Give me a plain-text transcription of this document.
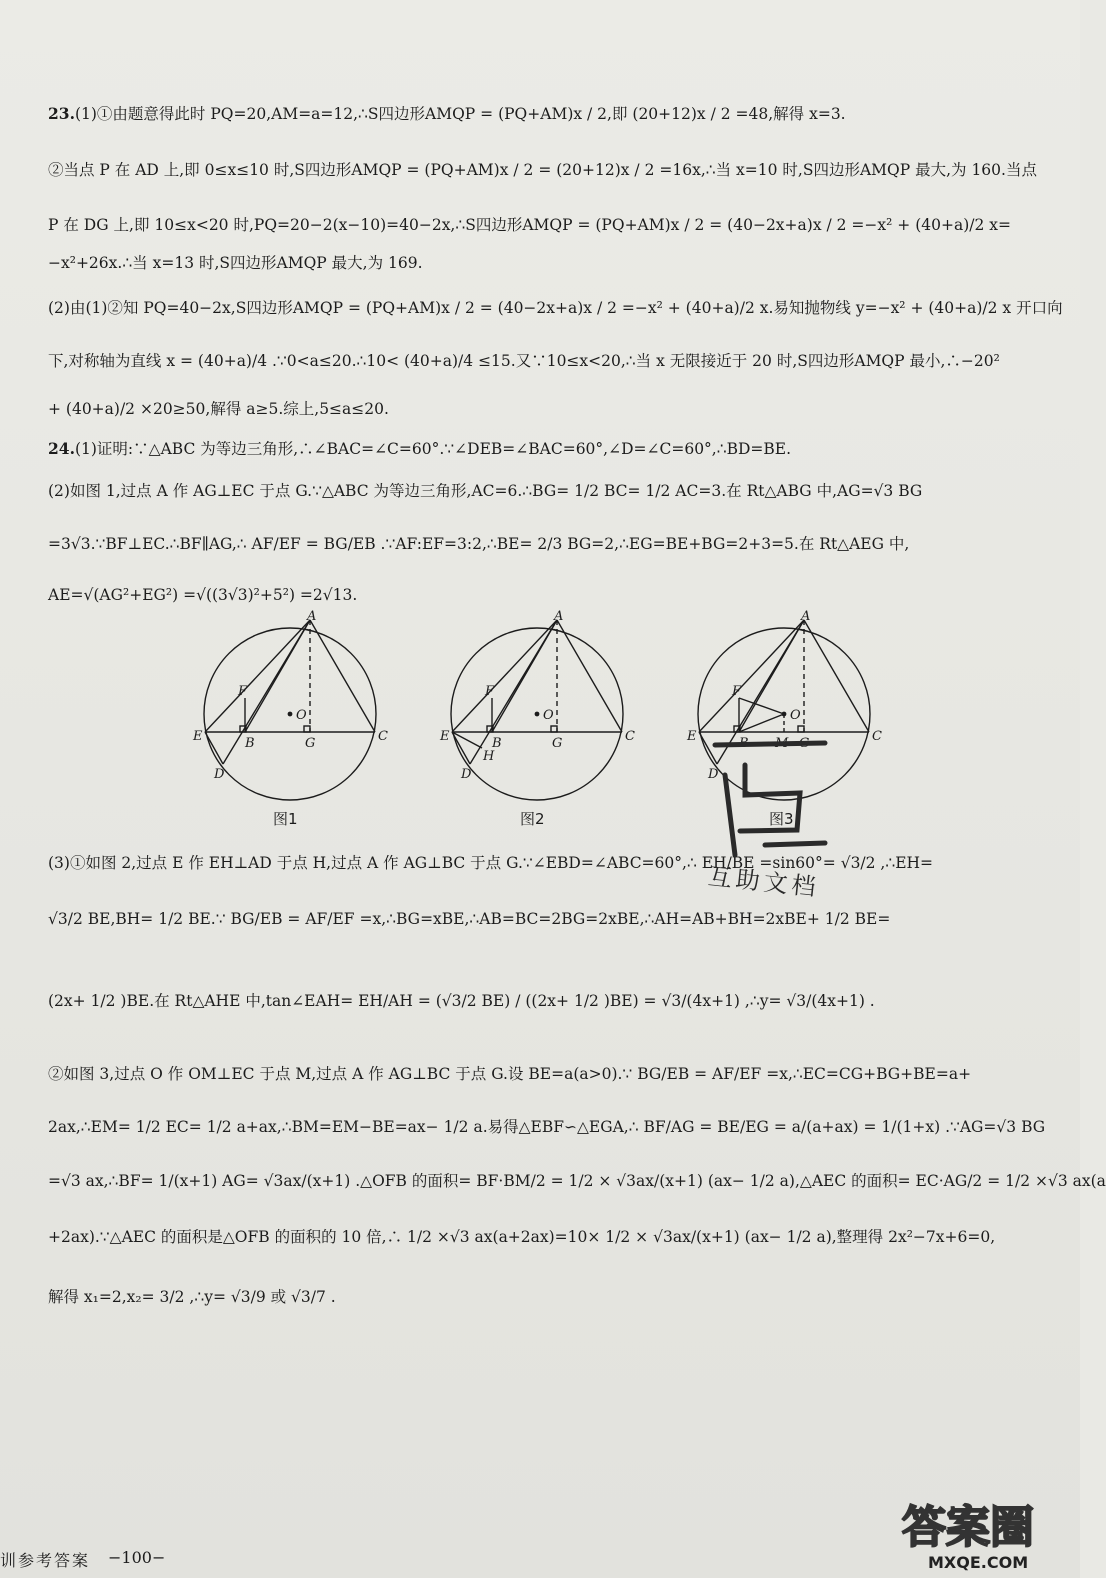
23.(1)①由题意得此时 PQ=20,AM=a=12,∴S四边形AMQP = (PQ+AM)x / 2,即 (20+12)x / 2 =48,解得 x=3.
②当点 P 在 AD 上,即 0≤x≤10 时,S四边形AMQP = (PQ+AM)x / 2 = (20+12)x / 2 =16x,∴当 x=10 时,S四边形AMQP 最大,为 160.当点
P 在 DG 上,即 10≤x<20 时,PQ=20−2(x−10)=40−2x,∴S四边形AMQP = (PQ+AM)x / 2 = (40−2x+a)x / 2 =−x² + (40+a)/2 x=
−x²+26x.∴当 x=13 时,S四边形AMQP 最大,为 169.
(2)由(1)②知 PQ=40−2x,S四边形AMQP = (PQ+AM)x / 2 = (40−2x+a)x / 2 =−x² + (40+a)/2 x.易知抛物线 y=−x² + (40+a)/2 x 开口向
下,对称轴为直线 x = (40+a)/4 .∵0<a≤20.∴10< (40+a)/4 ≤15.又∵10≤x<20,∴当 x 无限接近于 20 时,S四边形AMQP 最小,∴−20²
+ (40+a)/2 ×20≥50,解得 a≥5.综上,5≤a≤20.
24.(1)证明:∵△ABC 为等边三角形,∴∠BAC=∠C=60°.∵∠DEB=∠BAC=60°,∠D=∠C=60°,∴BD=BE.
(2)如图 1,过点 A 作 AG⊥EC 于点 G.∵△ABC 为等边三角形,AC=6.∴BG= 1/2 BC= 1/2 AC=3.在 Rt△ABG 中,AG=√3 BG
=3√3.∵BF⊥EC.∴BF∥AG,∴ AF/EF = BG/EB .∵AF:EF=3:2,∴BE= 2/3 BG=2,∴EG=BE+BG=2+3=5.在 Rt△AEG 中,
AE=√(AG²+EG²) =√((3√3)²+5²) =2√13.
(3)①如图 2,过点 E 作 EH⊥AD 于点 H,过点 A 作 AG⊥BC 于点 G.∵∠EBD=∠ABC=60°,∴ EH/BE =sin60°= √3/2 ,∴EH=
√3/2 BE,BH= 1/2 BE.∵ BG/EB = AF/EF =x,∴BG=xBE,∴AB=BC=2BG=2xBE,∴AH=AB+BH=2xBE+ 1/2 BE=
(2x+ 1/2 )BE.在 Rt△AHE 中,tan∠EAH= EH/AH = (√3/2 BE) / ((2x+ 1/2 )BE) = √3/(4x+1) ,∴y= √3/(4x+1) .
②如图 3,过点 O 作 OM⊥EC 于点 M,过点 A 作 AG⊥BC 于点 G.设 BE=a(a>0).∵ BG/EB = AF/EF =x,∴EC=CG+BG+BE=a+
2ax,∴EM= 1/2 EC= 1/2 a+ax,∴BM=EM−BE=ax− 1/2 a.易得△EBF∽△EGA,∴ BF/AG = BE/EG = a/(a+ax) = 1/(1+x) .∵AG=√3 BG
=√3 ax,∴BF= 1/(x+1) AG= √3ax/(x+1) .△OFB 的面积= BF·BM/2 = 1/2 × √3ax/(x+1) (ax− 1/2 a),△AEC 的面积= EC·AG/2 = 1/2 ×√3 ax(a
+2ax).∵△AEC 的面积是△OFB 的面积的 10 倍,∴ 1/2 ×√3 ax(a+2ax)=10× 1/2 × √3ax/(x+1) (ax− 1/2 a),整理得 2x²−7x+6=0,
解得 x₁=2,x₂= 3/2 ,∴y= √3/9 或 √3/7 .
A
F
O
E	B	G	C
D
A
F
O
E	B	G	C
H
D
A
F
O
E	B M G	C
D
图1	图2	图3
互助文档
训参考答案 −100−
答案圈
MXQE.COM
